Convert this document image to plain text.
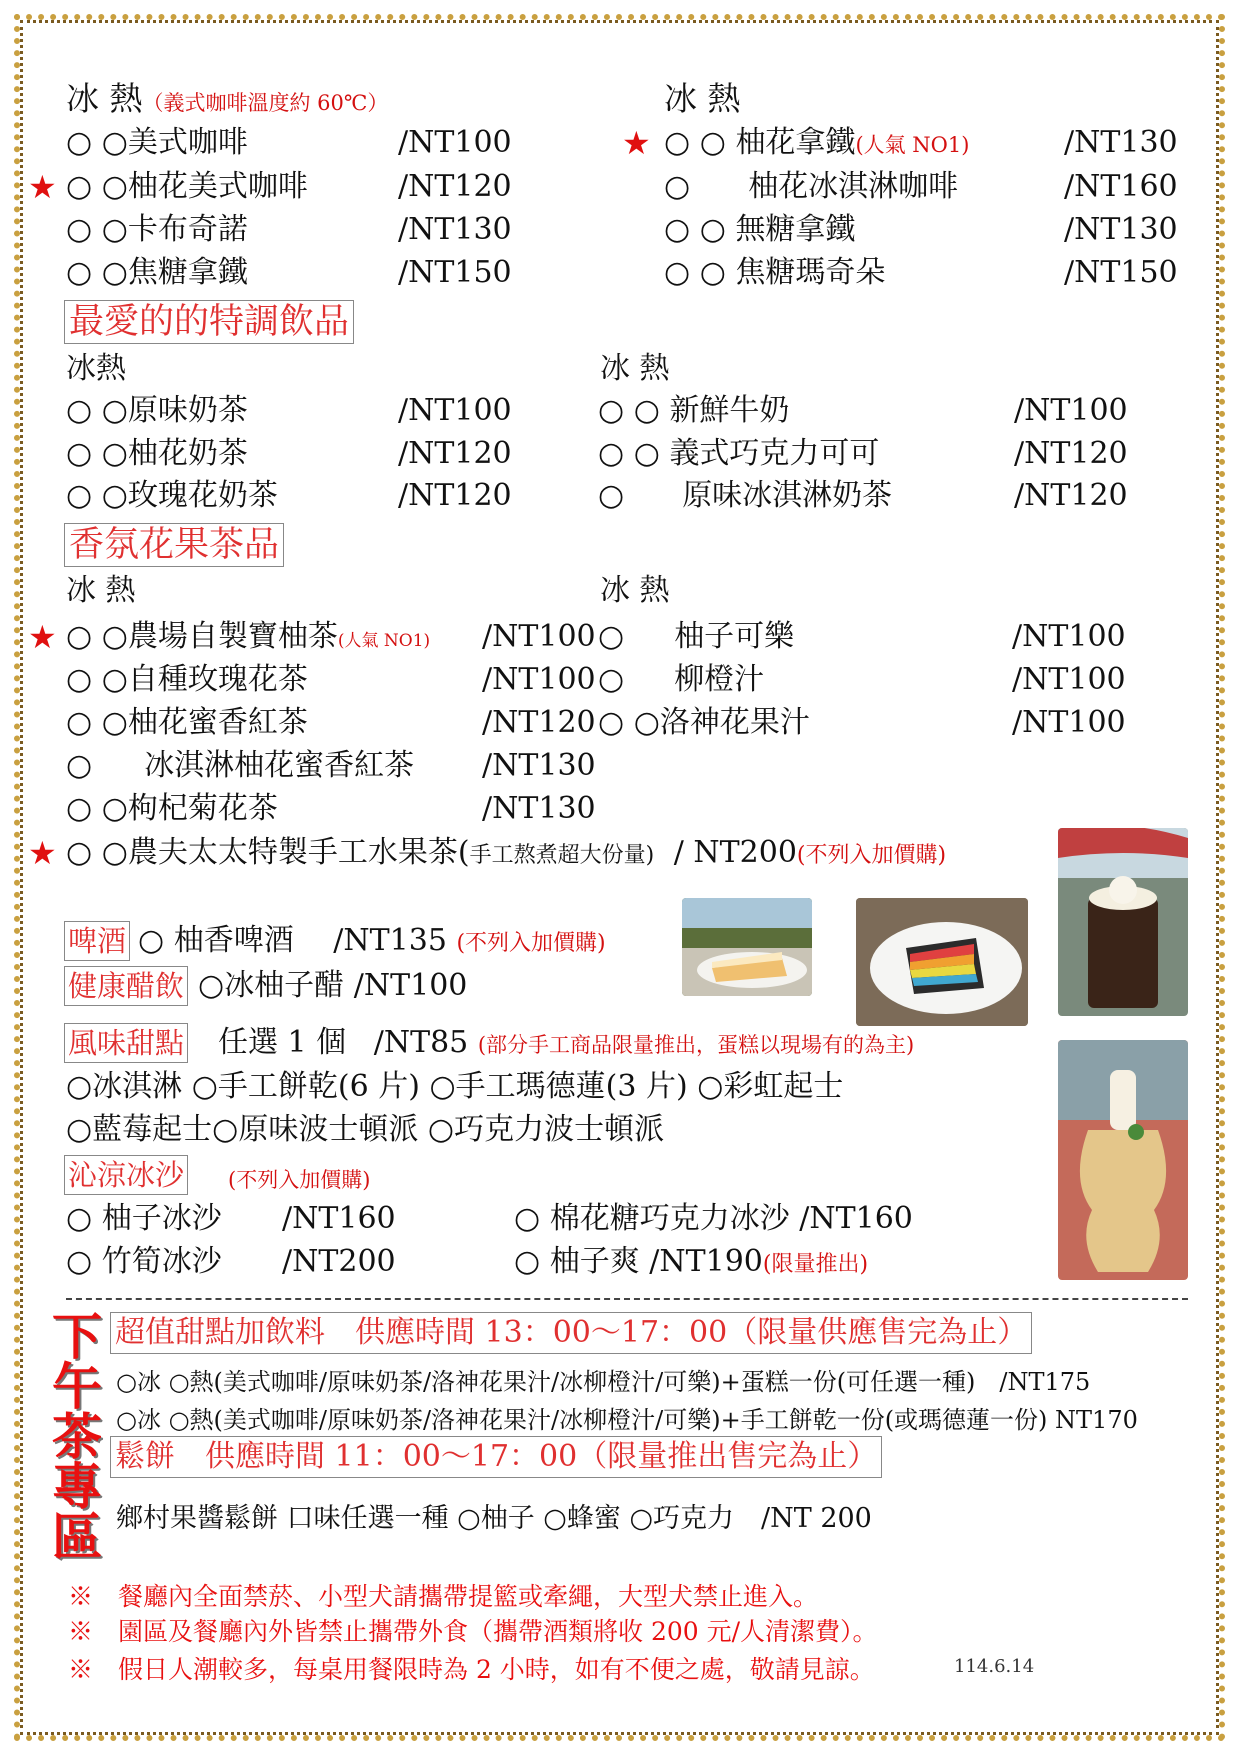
冰 熱（義式咖啡溫度約 60℃）	冰 熱
○ ○美式咖啡	/NT100
★ ○ ○柚花美式咖啡	/NT120
○ ○卡布奇諾	/NT130
○ ○焦糖拿鐵	/NT150
★ ○ ○ 柚花拿鐵(人氣 NO1)	/NT130
○ 柚花冰淇淋咖啡	/NT160
○ ○ 無糖拿鐵	/NT130
○ ○ 焦糖瑪奇朵	/NT150
最愛的的特調飲品
冰熱	冰 熱
○ ○原味奶茶	/NT100
○ ○柚花奶茶	/NT120
○ ○玫瑰花奶茶	/NT120
○ ○ 新鮮牛奶	/NT100
○ ○ 義式巧克力可可	/NT120
○ 原味冰淇淋奶茶	/NT120
香氛花果茶品
冰 熱	冰 熱
★ ○ ○農場自製寶柚茶(人氣 NO1) /NT100
○ ○自種玫瑰花茶	/NT100
○ ○柚花蜜香紅茶	/NT120
○ 冰淇淋柚花蜜香紅茶 /NT130
○ ○枸杞菊花茶	/NT130
○ 柚子可樂	/NT100
○ 柳橙汁	/NT100
○ ○洛神花果汁	/NT100
★ ○ ○農夫太太特製手工水果茶(手工熬煮超大份量) / NT200(不列入加價購)
啤酒 ○ 柚香啤酒 /NT135 (不列入加價購)
健康醋飲 ○冰柚子醋 /NT100
風味甜點 任選 1 個 /NT85 (部分手工商品限量推出，蛋糕以現場有的為主)
○冰淇淋 ○手工餅乾(6 片) ○手工瑪德蓮(3 片) ○彩虹起士
○藍莓起士○原味波士頓派 ○巧克力波士頓派
沁涼冰沙 (不列入加價購)
○ 柚子冰沙 /NT160
○ 竹筍冰沙 /NT200
○ 棉花糖巧克力冰沙 /NT160
○ 柚子爽 /NT190(限量推出)
下午茶專區 超值甜點加飲料　供應時間 13：00～17：00（限量供應售完為止）
○冰 ○熱(美式咖啡/原味奶茶/洛神花果汁/冰柳橙汁/可樂)+蛋糕一份(可任選一種)　/NT175
○冰 ○熱(美式咖啡/原味奶茶/洛神花果汁/冰柳橙汁/可樂)+手工餅乾一份(或瑪德蓮一份) NT170
鬆餅　供應時間 11：00～17：00（限量推出售完為止）
鄉村果醬鬆餅 口味任選一種 ○柚子 ○蜂蜜 ○巧克力　/NT 200
※　餐廳內全面禁菸、小型犬請攜帶提籃或牽繩，大型犬禁止進入。
※　園區及餐廳內外皆禁止攜帶外食（攜帶酒類將收 200 元/人清潔費）。
※　假日人潮較多，每桌用餐限時為 2 小時，如有不便之處，敬請見諒。	114.6.14
